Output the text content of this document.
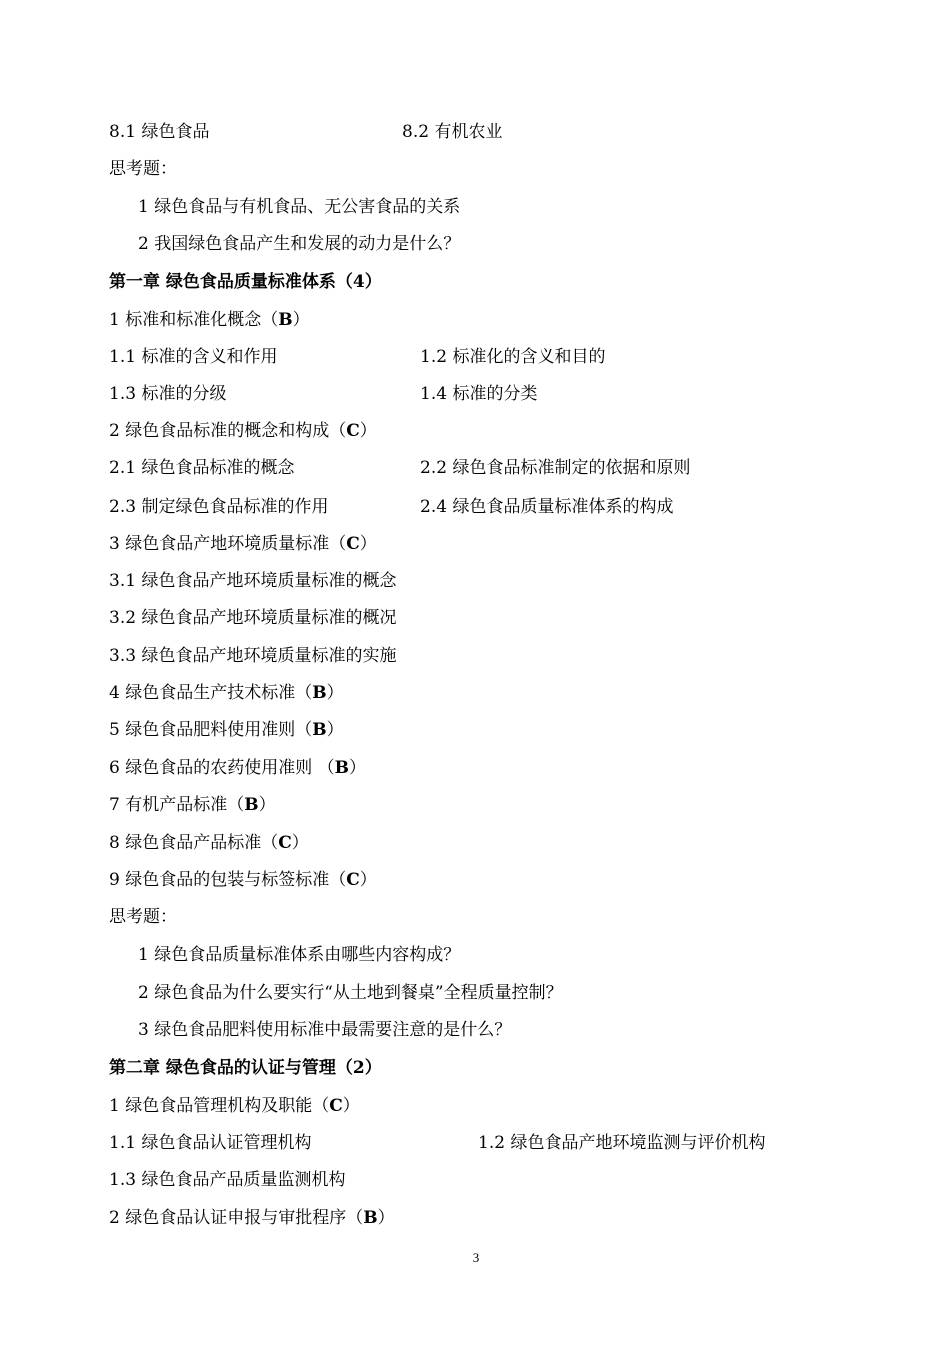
8.1 绿色食品	8.2 有机农业
思考题：
1 绿色食品与有机食品、无公害食品的关系
2 我国绿色食品产生和发展的动力是什么？
第一章 绿色食品质量标准体系（4）
1 标准和标准化概念（B）
1.1 标准的含义和作用	1.2 标准化的含义和目的
1.3 标准的分级	1.4 标准的分类
2 绿色食品标准的概念和构成（C）
2.1 绿色食品标准的概念	2.2 绿色食品标准制定的依据和原则
2.3 制定绿色食品标准的作用	2.4 绿色食品质量标准体系的构成
3 绿色食品产地环境质量标准（C）
3.1 绿色食品产地环境质量标准的概念
3.2 绿色食品产地环境质量标准的概况
3.3 绿色食品产地环境质量标准的实施
4 绿色食品生产技术标准（B）
5 绿色食品肥料使用准则（B）
6 绿色食品的农药使用准则 （B）
7 有机产品标准（B）
8 绿色食品产品标准（C）
9 绿色食品的包装与标签标准（C）
思考题：
1 绿色食品质量标准体系由哪些内容构成？
2 绿色食品为什么要实行“从土地到餐桌”全程质量控制？
3 绿色食品肥料使用标准中最需要注意的是什么？
第二章 绿色食品的认证与管理（2）
1 绿色食品管理机构及职能（C）
1.1 绿色食品认证管理机构	1.2 绿色食品产地环境监测与评价机构
1.3 绿色食品产品质量监测机构
2 绿色食品认证申报与审批程序（B）
3
